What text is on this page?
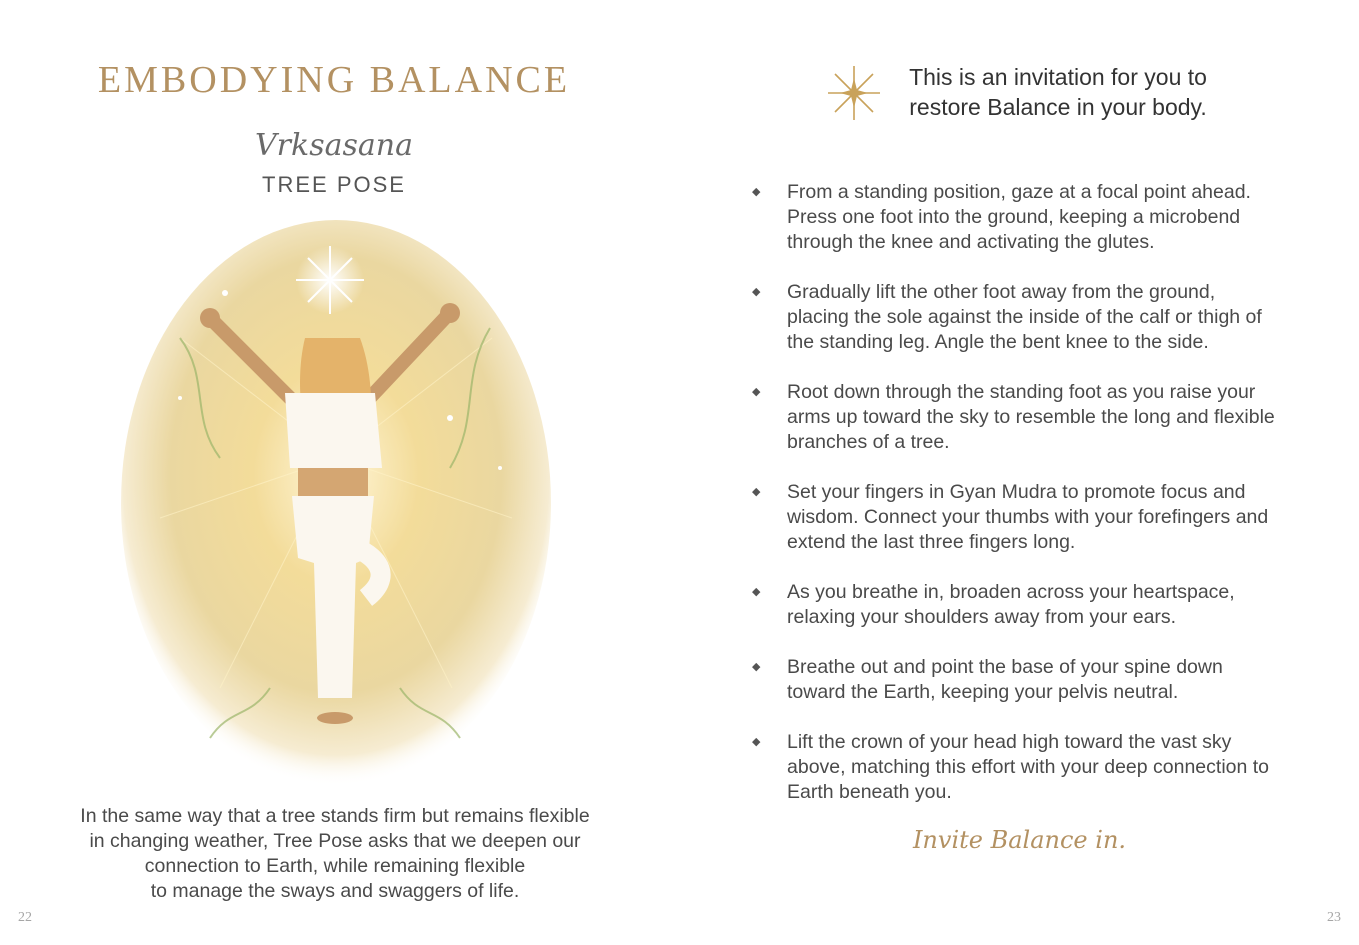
EMBODYING BALANCE
Vrksasana
TREE POSE
In the same way that a tree stands firm but remains flexible
in changing weather, Tree Pose asks that we deepen our
connection to Earth, while remaining flexible
to manage the sways and swaggers of life.
22
This is an invitation for you to
restore Balance in your body.
◆ From a standing position, gaze at a focal point ahead.
Press one foot into the ground, keeping a microbend
through the knee and activating the glutes.
◆ Gradually lift the other foot away from the ground,
placing the sole against the inside of the calf or thigh of
the standing leg. Angle the bent knee to the side.
◆ Root down through the standing foot as you raise your
arms up toward the sky to resemble the long and flexible
branches of a tree.
◆ Set your fingers in Gyan Mudra to promote focus and
wisdom. Connect your thumbs with your forefingers and
extend the last three fingers long.
◆ As you breathe in, broaden across your heartspace,
relaxing your shoulders away from your ears.
◆ Breathe out and point the base of your spine down
toward the Earth, keeping your pelvis neutral.
◆ Lift the crown of your head high toward the vast sky
above, matching this effort with your deep connection to
Earth beneath you.
Invite Balance in.
23
